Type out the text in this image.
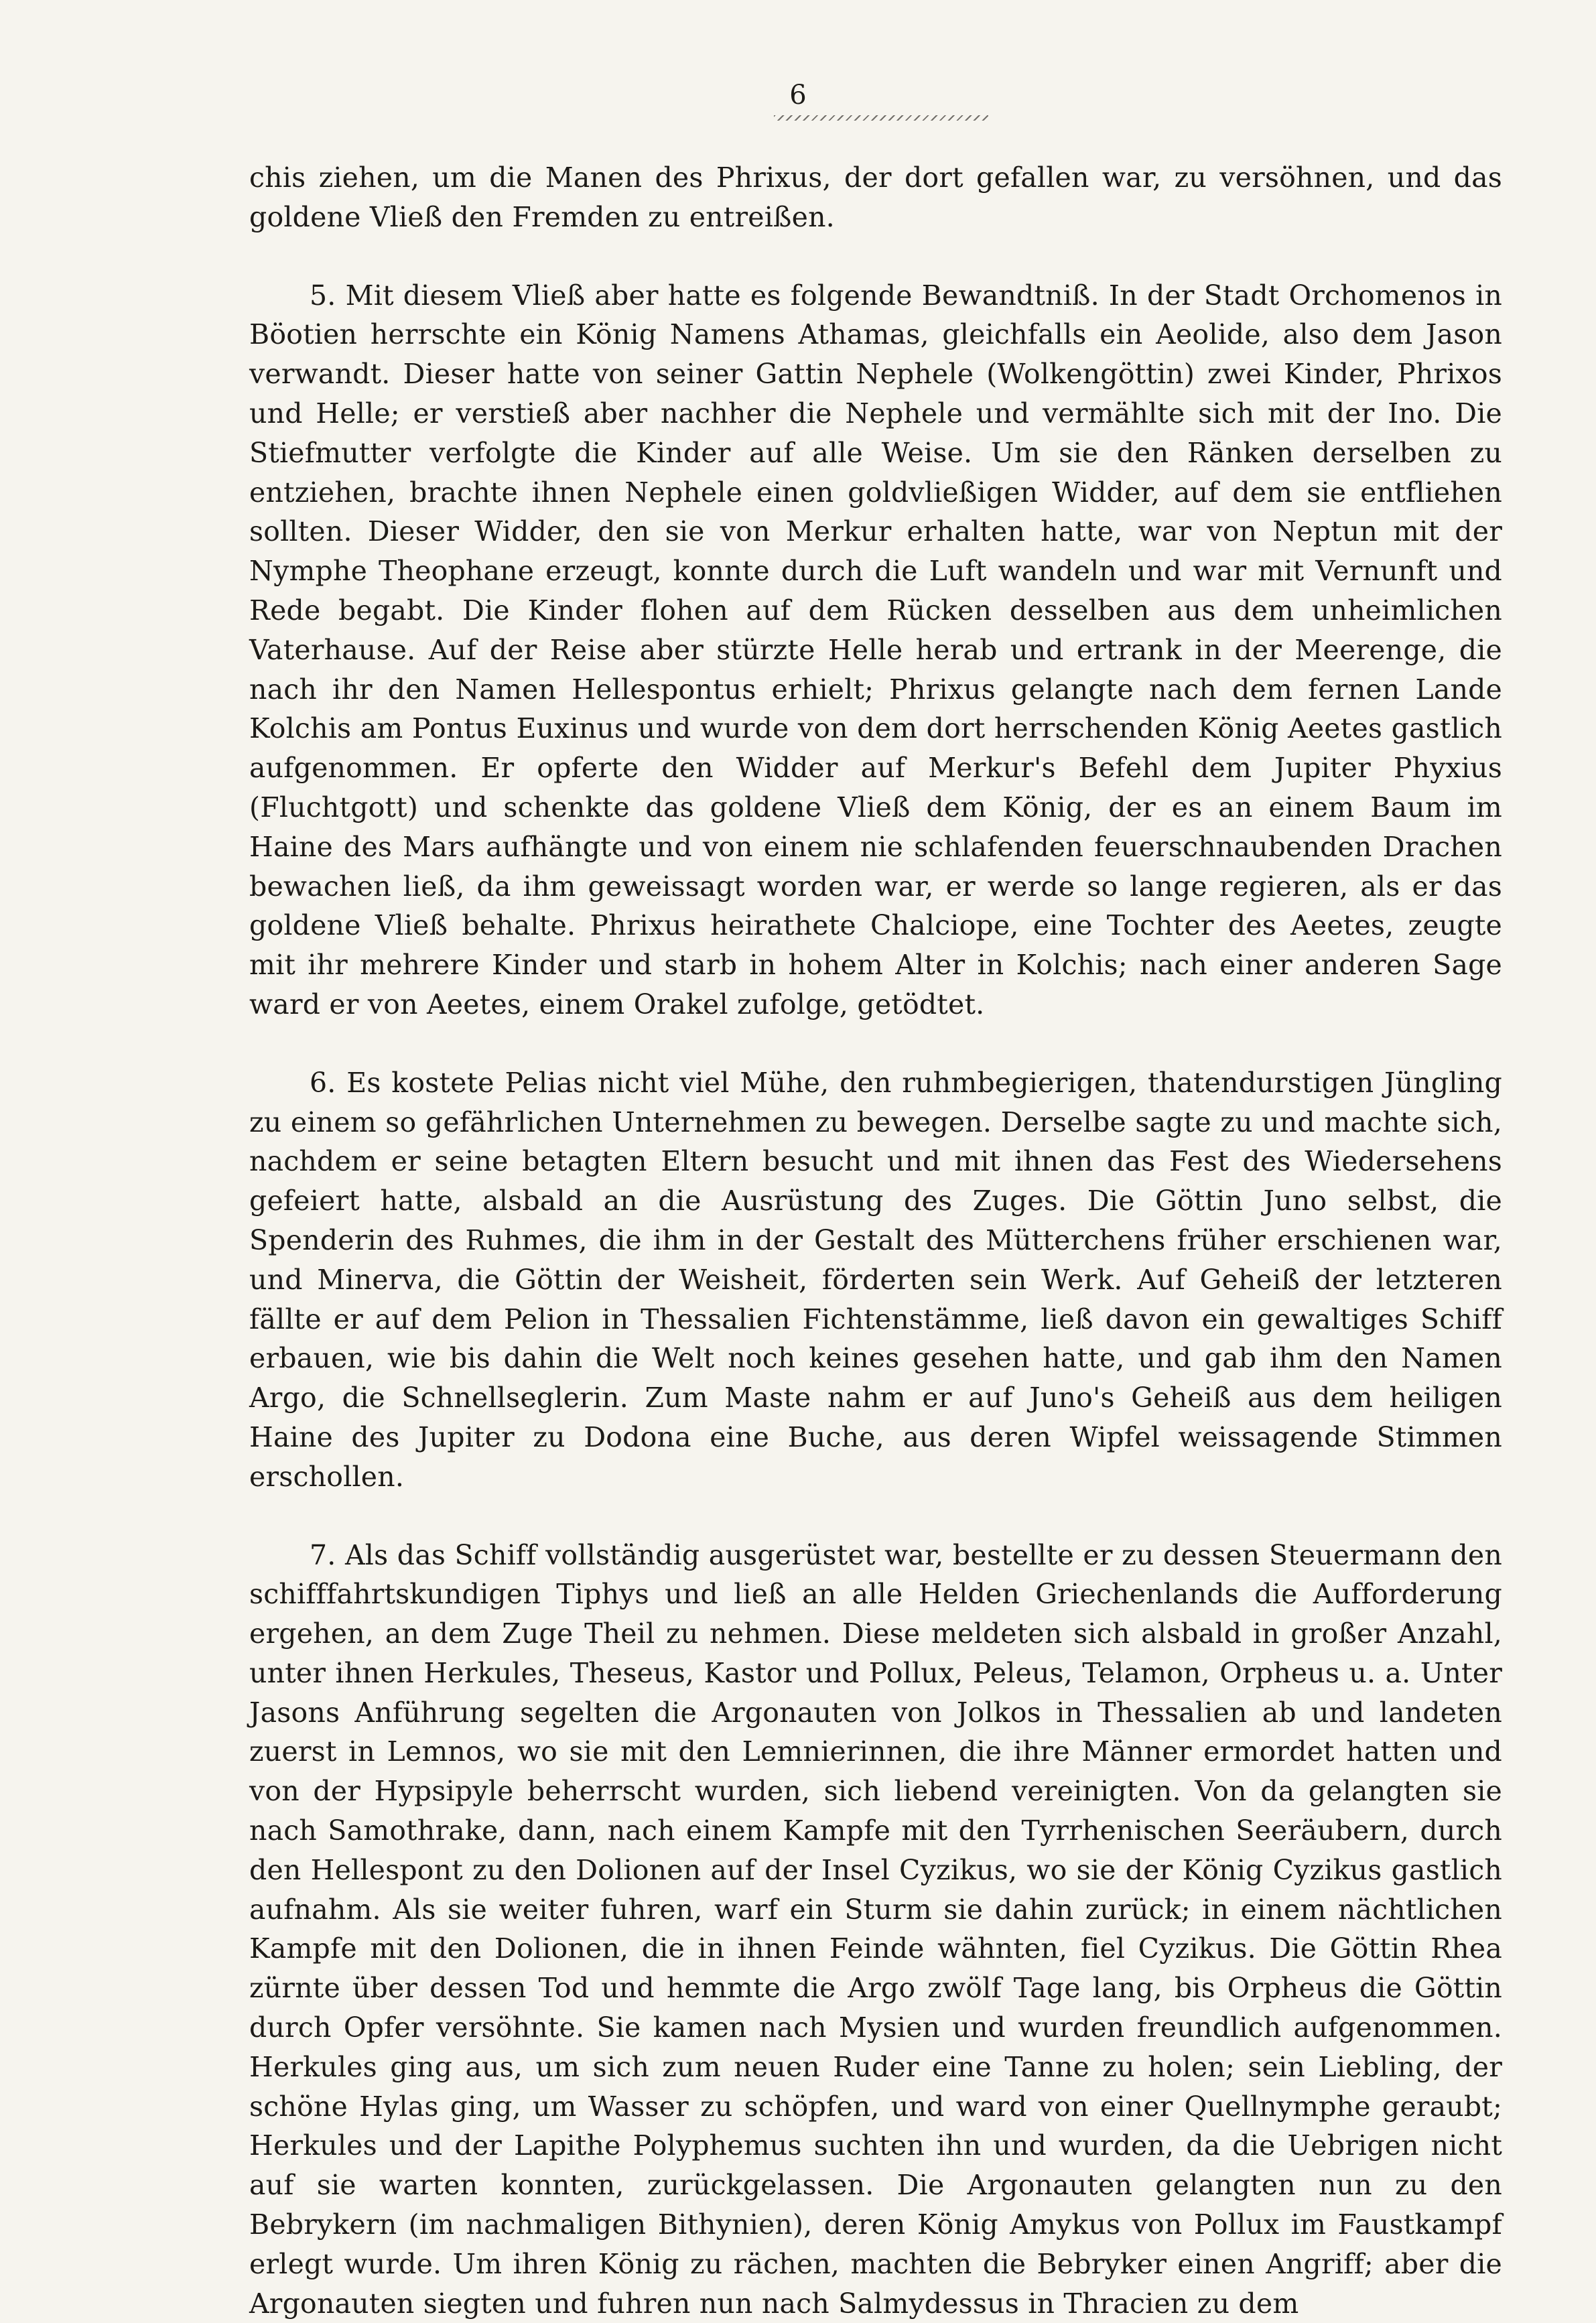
6

chis ziehen, um die Manen des Phrixus, der dort gefallen war, zu versöhnen, und das goldene Vließ den Fremden zu entreißen.

5. Mit diesem Vließ aber hatte es folgende Bewandtniß. In der Stadt Orchomenos in Böotien herrschte ein König Namens Athamas, gleichfalls ein Aeolide, also dem Jason verwandt. Dieser hatte von seiner Gattin Nephele (Wolkengöttin) zwei Kinder, Phrixos und Helle; er verstieß aber nachher die Nephele und vermählte sich mit der Ino. Die Stiefmutter verfolgte die Kinder auf alle Weise. Um sie den Ränken derselben zu entziehen, brachte ihnen Nephele einen goldvließigen Widder, auf dem sie entfliehen sollten. Dieser Widder, den sie von Merkur erhalten hatte, war von Neptun mit der Nymphe Theophane erzeugt, konnte durch die Luft wandeln und war mit Vernunft und Rede begabt. Die Kinder flohen auf dem Rücken desselben aus dem unheimlichen Vaterhause. Auf der Reise aber stürzte Helle herab und ertrank in der Meerenge, die nach ihr den Namen Hellespontus erhielt; Phrixus gelangte nach dem fernen Lande Kolchis am Pontus Euxinus und wurde von dem dort herrschenden König Aeetes gastlich aufgenommen. Er opferte den Widder auf Merkur's Befehl dem Jupiter Phyxius (Fluchtgott) und schenkte das goldene Vließ dem König, der es an einem Baum im Haine des Mars aufhängte und von einem nie schlafenden feuerschnaubenden Drachen bewachen ließ, da ihm geweissagt worden war, er werde so lange regieren, als er das goldene Vließ behalte. Phrixus heirathete Chalciope, eine Tochter des Aeetes, zeugte mit ihr mehrere Kinder und starb in hohem Alter in Kolchis; nach einer anderen Sage ward er von Aeetes, einem Orakel zufolge, getödtet.

6. Es kostete Pelias nicht viel Mühe, den ruhmbegierigen, thatendurstigen Jüngling zu einem so gefährlichen Unternehmen zu bewegen. Derselbe sagte zu und machte sich, nachdem er seine betagten Eltern besucht und mit ihnen das Fest des Wiedersehens gefeiert hatte, alsbald an die Ausrüstung des Zuges. Die Göttin Juno selbst, die Spenderin des Ruhmes, die ihm in der Gestalt des Mütterchens früher erschienen war, und Minerva, die Göttin der Weisheit, förderten sein Werk. Auf Geheiß der letzteren fällte er auf dem Pelion in Thessalien Fichtenstämme, ließ davon ein gewaltiges Schiff erbauen, wie bis dahin die Welt noch keines gesehen hatte, und gab ihm den Namen Argo, die Schnellseglerin. Zum Maste nahm er auf Juno's Geheiß aus dem heiligen Haine des Jupiter zu Dodona eine Buche, aus deren Wipfel weissagende Stimmen erschollen.

7. Als das Schiff vollständig ausgerüstet war, bestellte er zu dessen Steuermann den schifffahrtskundigen Tiphys und ließ an alle Helden Griechenlands die Aufforderung ergehen, an dem Zuge Theil zu nehmen. Diese meldeten sich alsbald in großer Anzahl, unter ihnen Herkules, Theseus, Kastor und Pollux, Peleus, Telamon, Orpheus u. a. Unter Jasons Anführung segelten die Argonauten von Jolkos in Thessalien ab und landeten zuerst in Lemnos, wo sie mit den Lemnierinnen, die ihre Männer ermordet hatten und von der Hypsipyle beherrscht wurden, sich liebend vereinigten. Von da gelangten sie nach Samothrake, dann, nach einem Kampfe mit den Tyrrhenischen Seeräubern, durch den Hellespont zu den Dolionen auf der Insel Cyzikus, wo sie der König Cyzikus gastlich aufnahm. Als sie weiter fuhren, warf ein Sturm sie dahin zurück; in einem nächtlichen Kampfe mit den Dolionen, die in ihnen Feinde wähnten, fiel Cyzikus. Die Göttin Rhea zürnte über dessen Tod und hemmte die Argo zwölf Tage lang, bis Orpheus die Göttin durch Opfer versöhnte. Sie kamen nach Mysien und wurden freundlich aufgenommen. Herkules ging aus, um sich zum neuen Ruder eine Tanne zu holen; sein Liebling, der schöne Hylas ging, um Wasser zu schöpfen, und ward von einer Quellnymphe geraubt; Herkules und der Lapithe Polyphemus suchten ihn und wurden, da die Uebrigen nicht auf sie warten konnten, zurückgelassen. Die Argonauten gelangten nun zu den Bebrykern (im nachmaligen Bithynien), deren König Amykus von Pollux im Faustkampf erlegt wurde. Um ihren König zu rächen, machten die Bebryker einen Angriff; aber die Argonauten siegten und fuhren nun nach Salmydessus in Thracien zu dem
